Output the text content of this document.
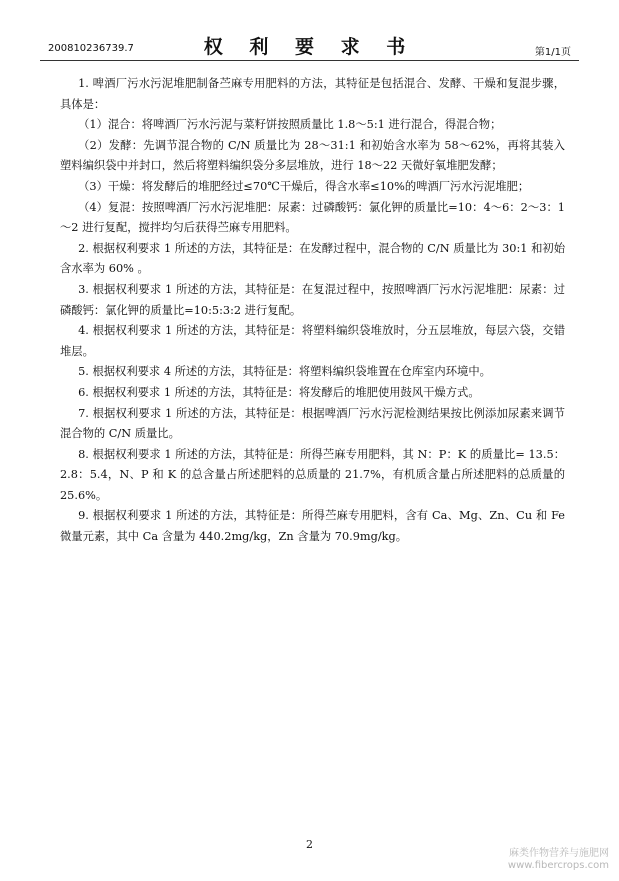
200810236739.7	权 利 要 求 书	第1/1页

1. 啤酒厂污水污泥堆肥制备苎麻专用肥料的方法，其特征是包括混合、发酵、干燥和复混步骤，具体是：

（1）混合：将啤酒厂污水污泥与菜籽饼按照质量比 1.8～5:1 进行混合，得混合物；

（2）发酵：先调节混合物的 C/N 质量比为 28～31:1 和初始含水率为 58～62%，再将其装入塑料编织袋中并封口，然后将塑料编织袋分多层堆放，进行 18～22 天微好氧堆肥发酵；

（3）干燥：将发酵后的堆肥经过≤70℃干燥后，得含水率≤10%的啤酒厂污水污泥堆肥；

（4）复混：按照啤酒厂污水污泥堆肥：尿素：过磷酸钙：氯化钾的质量比=10：4～6：2～3：1～2 进行复配，搅拌均匀后获得苎麻专用肥料。

2. 根据权利要求 1 所述的方法，其特征是：在发酵过程中，混合物的 C/N 质量比为 30:1 和初始含水率为 60% 。

3. 根据权利要求 1 所述的方法，其特征是：在复混过程中，按照啤酒厂污水污泥堆肥：尿素：过磷酸钙：氯化钾的质量比=10:5:3:2 进行复配。

4. 根据权利要求 1 所述的方法，其特征是：将塑料编织袋堆放时，分五层堆放，每层六袋，交错堆层。

5. 根据权利要求 4 所述的方法，其特征是：将塑料编织袋堆置在仓库室内环境中。

6. 根据权利要求 1 所述的方法，其特征是：将发酵后的堆肥使用鼓风干燥方式。

7. 根据权利要求 1 所述的方法，其特征是：根据啤酒厂污水污泥检测结果按比例添加尿素来调节混合物的 C/N 质量比。

8. 根据权利要求 1 所述的方法，其特征是：所得苎麻专用肥料，其 N：P：K 的质量比= 13.5：2.8：5.4，N、P 和 K 的总含量占所述肥料的总质量的 21.7%，有机质含量占所述肥料的总质量的 25.6%。

9. 根据权利要求 1 所述的方法，其特征是：所得苎麻专用肥料，含有 Ca、Mg、Zn、Cu 和 Fe 微量元素，其中 Ca 含量为 440.2mg/kg，Zn 含量为 70.9mg/kg。

2
麻类作物营养与施肥网
www.fibercrops.com
